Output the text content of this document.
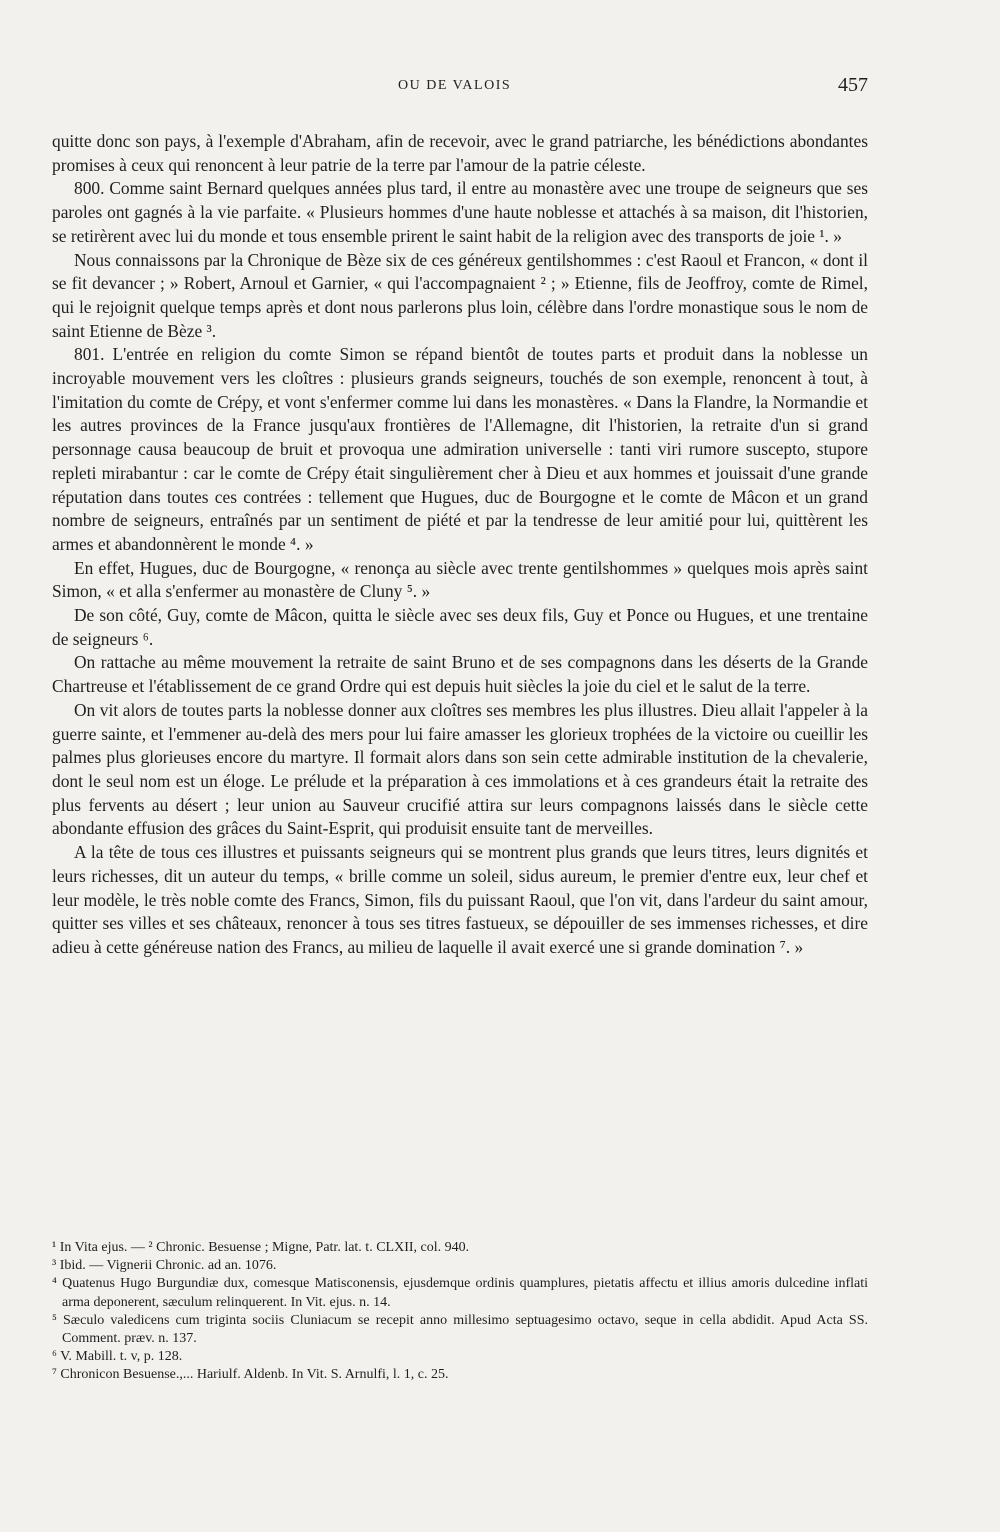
OU DE VALOIS	457

quitte donc son pays, à l'exemple d'Abraham, afin de recevoir, avec le grand patriarche, les bénédictions abondantes promises à ceux qui renoncent à leur patrie de la terre par l'amour de la patrie céleste.

800. Comme saint Bernard quelques années plus tard, il entre au monastère avec une troupe de seigneurs que ses paroles ont gagnés à la vie parfaite. « Plusieurs hommes d'une haute noblesse et attachés à sa maison, dit l'historien, se retirèrent avec lui du monde et tous ensemble prirent le saint habit de la religion avec des transports de joie ¹. »

Nous connaissons par la Chronique de Bèze six de ces généreux gentilshommes : c'est Raoul et Francon, « dont il se fit devancer ; » Robert, Arnoul et Garnier, « qui l'accompagnaient ² ; » Etienne, fils de Jeoffroy, comte de Rimel, qui le rejoignit quelque temps après et dont nous parlerons plus loin, célèbre dans l'ordre monastique sous le nom de saint Etienne de Bèze ³.

801. L'entrée en religion du comte Simon se répand bientôt de toutes parts et produit dans la noblesse un incroyable mouvement vers les cloîtres : plusieurs grands seigneurs, touchés de son exemple, renoncent à tout, à l'imitation du comte de Crépy, et vont s'enfermer comme lui dans les monastères. « Dans la Flandre, la Normandie et les autres provinces de la France jusqu'aux frontières de l'Allemagne, dit l'historien, la retraite d'un si grand personnage causa beaucoup de bruit et provoqua une admiration universelle : tanti viri rumore suscepto, stupore repleti mirabantur : car le comte de Crépy était singulièrement cher à Dieu et aux hommes et jouissait d'une grande réputation dans toutes ces contrées : tellement que Hugues, duc de Bourgogne et le comte de Mâcon et un grand nombre de seigneurs, entraînés par un sentiment de piété et par la tendresse de leur amitié pour lui, quittèrent les armes et abandonnèrent le monde ⁴. »

En effet, Hugues, duc de Bourgogne, « renonça au siècle avec trente gentilshommes » quelques mois après saint Simon, « et alla s'enfermer au monastère de Cluny ⁵. »

De son côté, Guy, comte de Mâcon, quitta le siècle avec ses deux fils, Guy et Ponce ou Hugues, et une trentaine de seigneurs ⁶.

On rattache au même mouvement la retraite de saint Bruno et de ses compagnons dans les déserts de la Grande Chartreuse et l'établissement de ce grand Ordre qui est depuis huit siècles la joie du ciel et le salut de la terre.

On vit alors de toutes parts la noblesse donner aux cloîtres ses membres les plus illustres. Dieu allait l'appeler à la guerre sainte, et l'emmener au-delà des mers pour lui faire amasser les glorieux trophées de la victoire ou cueillir les palmes plus glorieuses encore du martyre. Il formait alors dans son sein cette admirable institution de la chevalerie, dont le seul nom est un éloge. Le prélude et la préparation à ces immolations et à ces grandeurs était la retraite des plus fervents au désert ; leur union au Sauveur crucifié attira sur leurs compagnons laissés dans le siècle cette abondante effusion des grâces du Saint-Esprit, qui produisit ensuite tant de merveilles.

A la tête de tous ces illustres et puissants seigneurs qui se montrent plus grands que leurs titres, leurs dignités et leurs richesses, dit un auteur du temps, « brille comme un soleil, sidus aureum, le premier d'entre eux, leur chef et leur modèle, le très noble comte des Francs, Simon, fils du puissant Raoul, que l'on vit, dans l'ardeur du saint amour, quitter ses villes et ses châteaux, renoncer à tous ses titres fastueux, se dépouiller de ses immenses richesses, et dire adieu à cette généreuse nation des Francs, au milieu de laquelle il avait exercé une si grande domination ⁷. »

¹ In Vita ejus. — ² Chronic. Besuense ; Migne, Patr. lat. t. CLXII, col. 940.

³ Ibid. — Vignerii Chronic. ad an. 1076.

⁴ Quatenus Hugo Burgundiæ dux, comesque Matisconensis, ejusdemque ordinis quamplures, pietatis affectu et illius amoris dulcedine inflati arma deponerent, sæculum relinquerent. In Vit. ejus. n. 14.

⁵ Sæculo valedicens cum triginta sociis Cluniacum se recepit anno millesimo septuagesimo octavo, seque in cella abdidit. Apud Acta SS. Comment. præv. n. 137.

⁶ V. Mabill. t. v, p. 128.

⁷ Chronicon Besuense.,... Hariulf. Aldenb. In Vit. S. Arnulfi, l. 1, c. 25.
